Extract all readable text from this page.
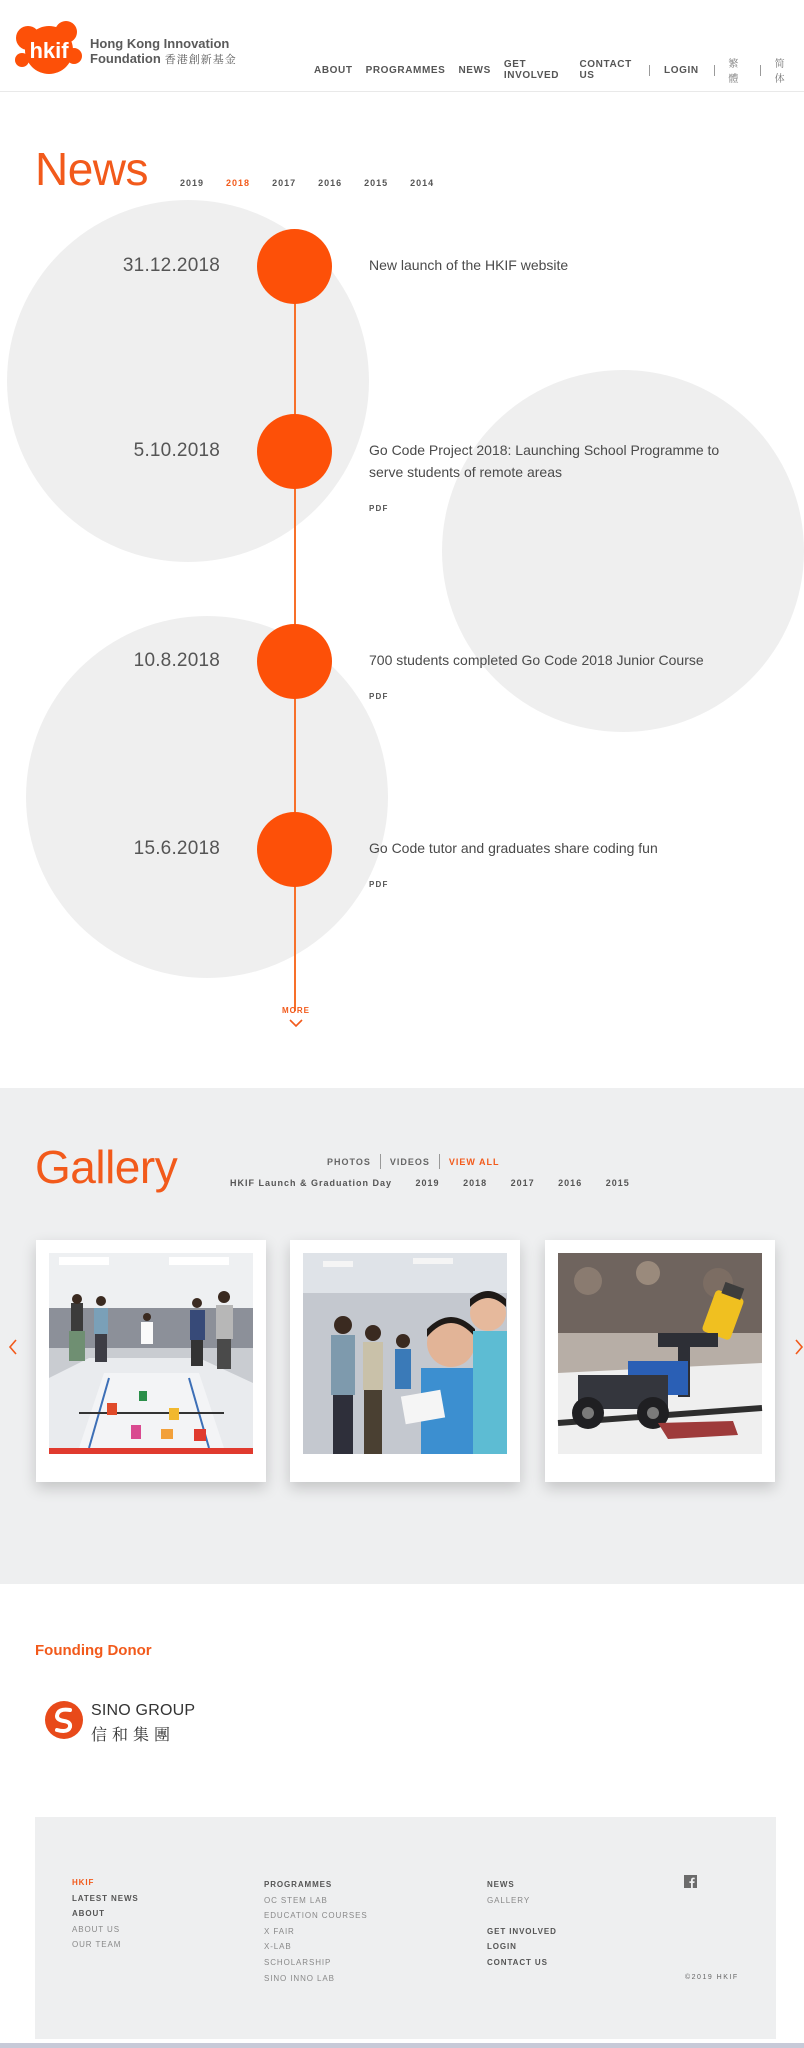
hkif Hong Kong Innovation
Foundation 香港創新基金
ABOUT PROGRAMMES NEWS GET INVOLVED
CONTACT US	LOGIN	繁體
简体
News	2019 2018 2017 2016 2015 2014
31.12.2018	New launch of the HKIF website
5.10.2018	Go Code Project 2018: Launching School Programme to serve students of remote areas
PDF
10.8.2018	700 students completed Go Code 2018 Junior Course
PDF
15.6.2018	Go Code tutor and graduates share coding fun
PDF
MORE
Gallery	PHOTOS VIDEOS VIEW ALL
HKIF Launch & Graduation Day	2019	2018	2017	2016	2015
Founding Donor
SINO GROUP
信和集團
HKIF
LATEST NEWS
ABOUT
ABOUT US
OUR TEAM
PROGRAMMES
OC STEM LAB
EDUCATION COURSES
X FAIR
X-LAB
SCHOLARSHIP
SINO INNO LAB
NEWS
GALLERY
GET INVOLVED
LOGIN
CONTACT US
©2019 HKIF
